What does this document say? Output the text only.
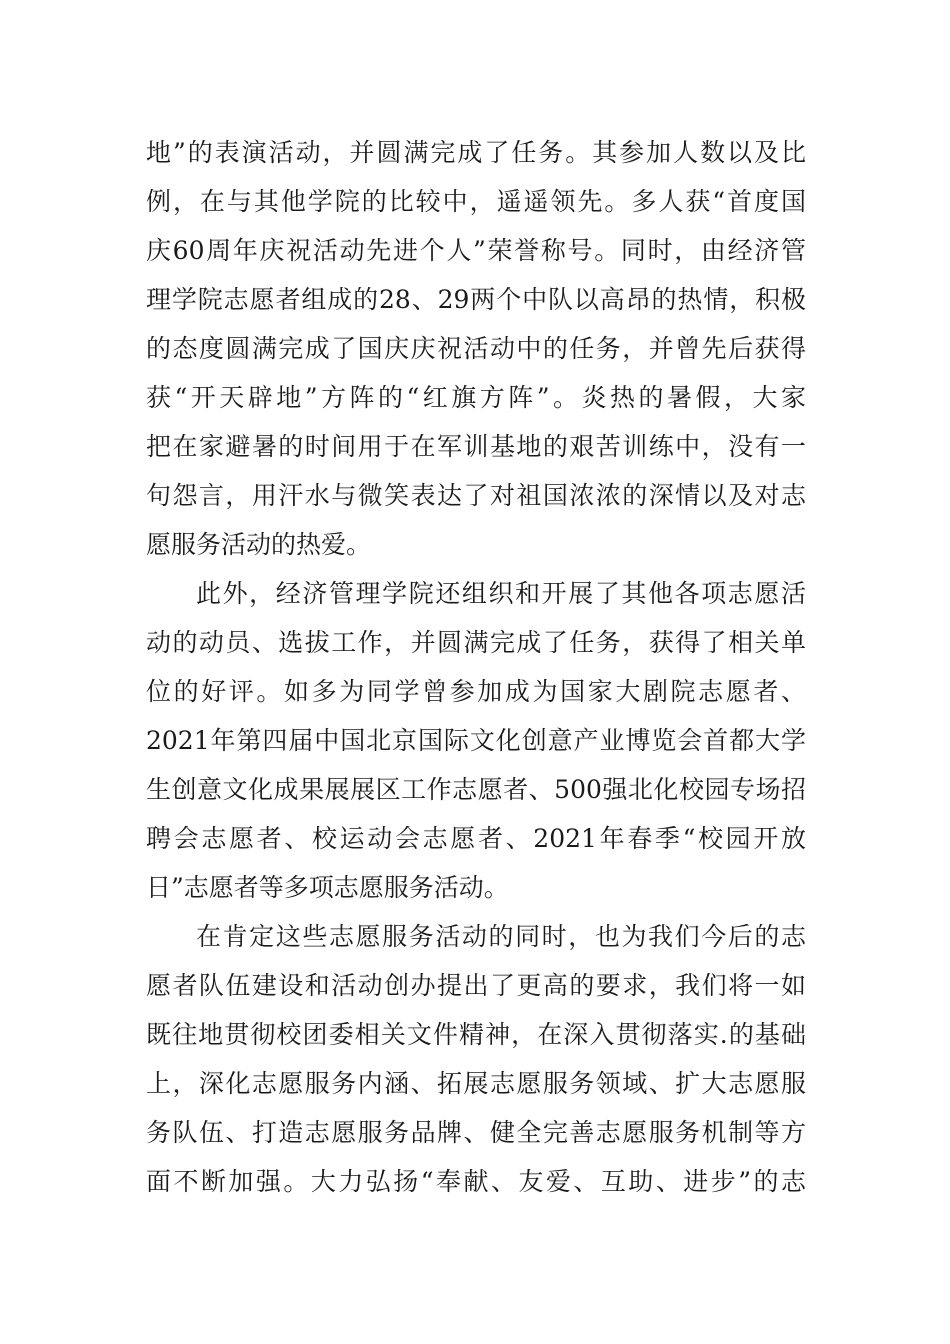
地”的表演活动，并圆满完成了任务。其参加人数以及比
例，在与其他学院的比较中，遥遥领先。多人获“首度国
庆60周年庆祝活动先进个人”荣誉称号。同时，由经济管
理学院志愿者组成的28、29两个中队以高昂的热情，积极
的态度圆满完成了国庆庆祝活动中的任务，并曾先后获得
获“开天辟地”方阵的“红旗方阵”。炎热的暑假，大家
把在家避暑的时间用于在军训基地的艰苦训练中，没有一
句怨言，用汗水与微笑表达了对祖国浓浓的深情以及对志
愿服务活动的热爱。
此外，经济管理学院还组织和开展了其他各项志愿活
动的动员、选拔工作，并圆满完成了任务，获得了相关单
位的好评。如多为同学曾参加成为国家大剧院志愿者、
2021年第四届中国北京国际文化创意产业博览会首都大学
生创意文化成果展展区工作志愿者、500强北化校园专场招
聘会志愿者、校运动会志愿者、2021年春季“校园开放
日”志愿者等多项志愿服务活动。
在肯定这些志愿服务活动的同时，也为我们今后的志
愿者队伍建设和活动创办提出了更高的要求，我们将一如
既往地贯彻校团委相关文件精神，在深入贯彻落实.的基础
上，深化志愿服务内涵、拓展志愿服务领域、扩大志愿服
务队伍、打造志愿服务品牌、健全完善志愿服务机制等方
面不断加强。大力弘扬“奉献、友爱、互助、进步”的志
